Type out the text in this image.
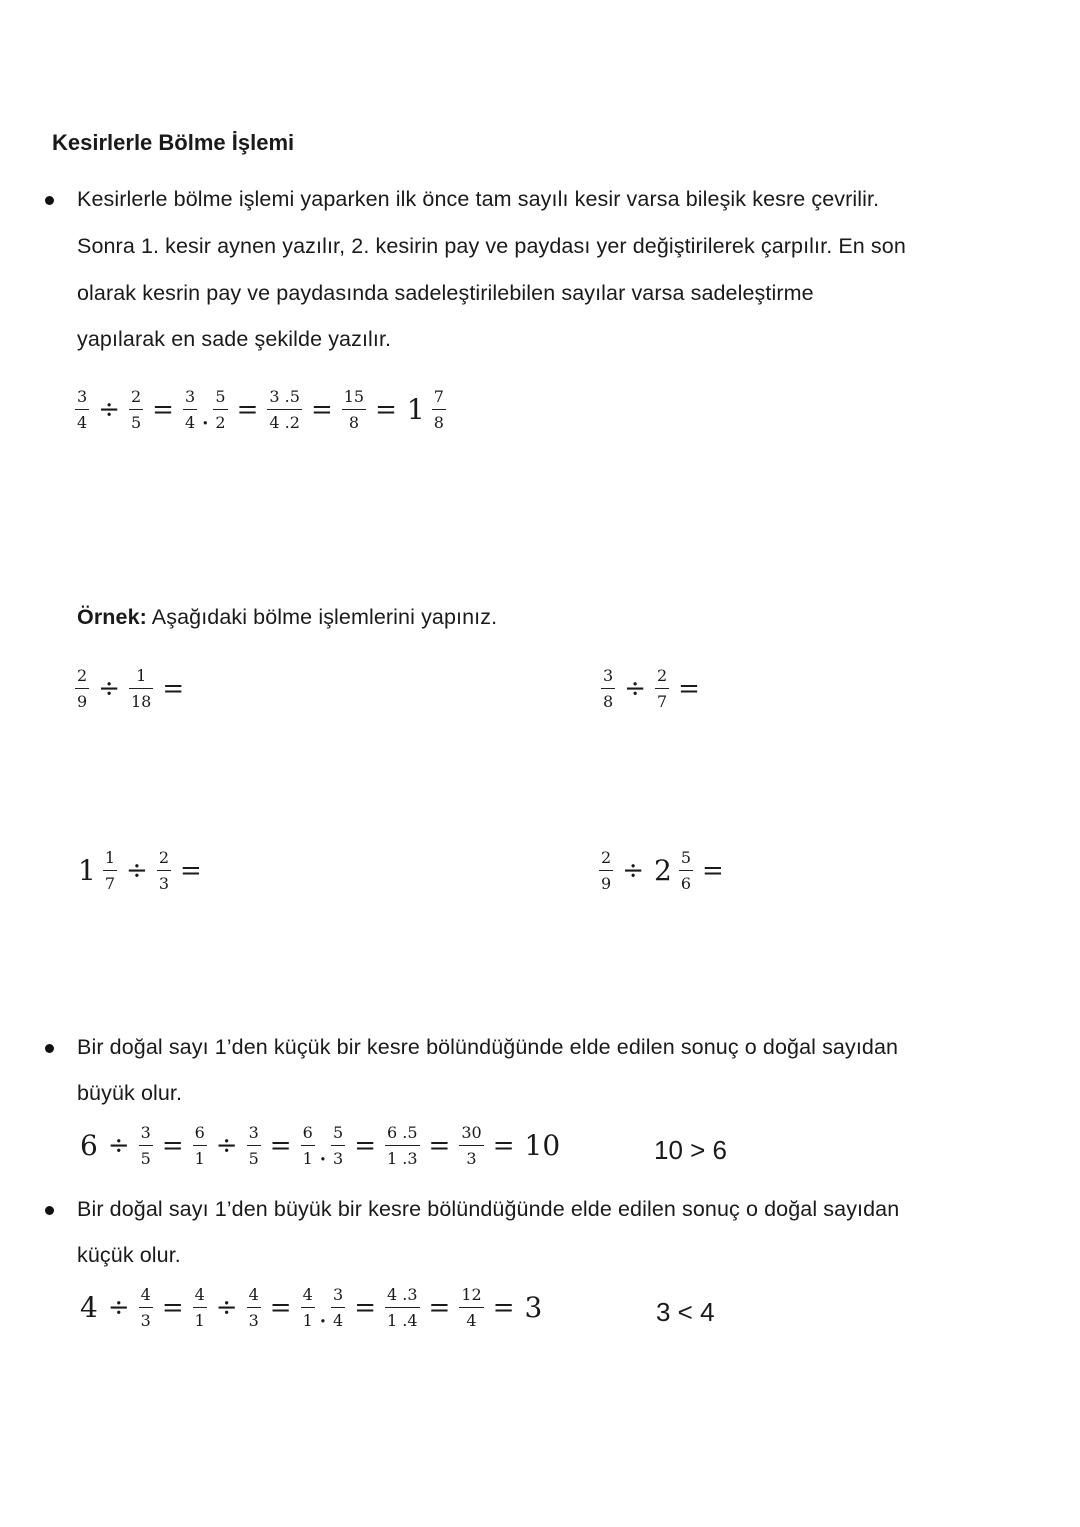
Kesirlerle Bölme İşlemi
Kesirlerle bölme işlemi yaparken ilk önce tam sayılı kesir varsa bileşik kesre çevrilir.
Sonra 1. kesir aynen yazılır, 2. kesirin pay ve paydası yer değiştirilerek çarpılır. En son
olarak kesrin pay ve paydasında sadeleştirilebilen sayılar varsa sadeleştirme
yapılarak en sade şekilde yazılır.
$\frac{3}{4} \div \frac{2}{5} = \frac{3}{4}$ . $\frac{5}{2} = \frac{3 .5}{4 .2} = \frac{15}{8} = 1 \frac{7}{8}$
Örnek: Aşağıdaki bölme işlemlerini yapınız.
$\frac{2}{9} \div \frac{1}{18}$ =	$\frac{3}{8} \div \frac{2}{7}$ =
$1 \frac{1}{7} \div \frac{2}{3}$ =	$\frac{2}{9} \div 2 \frac{5}{6}$ =
Bir doğal sayı 1’den küçük bir kesre bölündüğünde elde edilen sonuç o doğal sayıdan
büyük olur.
$6 \div \frac{3}{5} = \frac{6}{1} \div \frac{3}{5} = \frac{6}{1}$ . $\frac{5}{3} = \frac{6 .5}{1 .3} = \frac{30}{3} = 10$	10 > 6
Bir doğal sayı 1’den büyük bir kesre bölündüğünde elde edilen sonuç o doğal sayıdan
küçük olur.
$4 \div \frac{4}{3} = \frac{4}{1} \div \frac{4}{3} = \frac{4}{1}$ . $\frac{3}{4} = \frac{4 .3}{1 .4} = \frac{12}{4} = 3$	3 < 4
